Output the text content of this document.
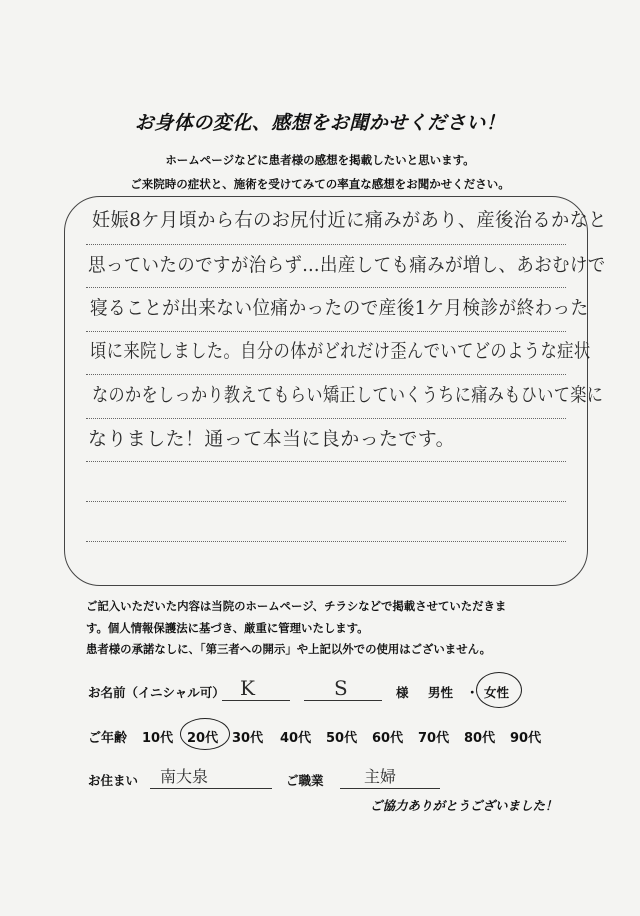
お身体の変化、感想をお聞かせください！
ホームページなどに患者様の感想を掲載したいと思います。
ご来院時の症状と、施術を受けてみての率直な感想をお聞かせください。
妊娠8ケ月頃から右のお尻付近に痛みがあり、産後治るかなと
思っていたのですが治らず…出産しても痛みが増し、あおむけで
寝ることが出来ない位痛かったので産後1ケ月検診が終わった
頃に来院しました。自分の体がどれだけ歪んでいてどのような症状
なのかをしっかり教えてもらい矯正していくうちに痛みもひいて楽に
なりました！通って本当に良かったです。
ご記入いただいた内容は当院のホームページ、チラシなどで掲載させていただきま
す。個人情報保護法に基づき、厳重に管理いたします。
患者様の承諾なしに、「第三者への開示」や上記以外での使用はございません。
お名前（イニシャル可） K	S	様 男性 ・ 女性
ご年齢 10代 20代 30代 40代 50代 60代 70代 80代 90代
お住まい 南大泉	ご職業	主婦
ご協力ありがとうございました！
